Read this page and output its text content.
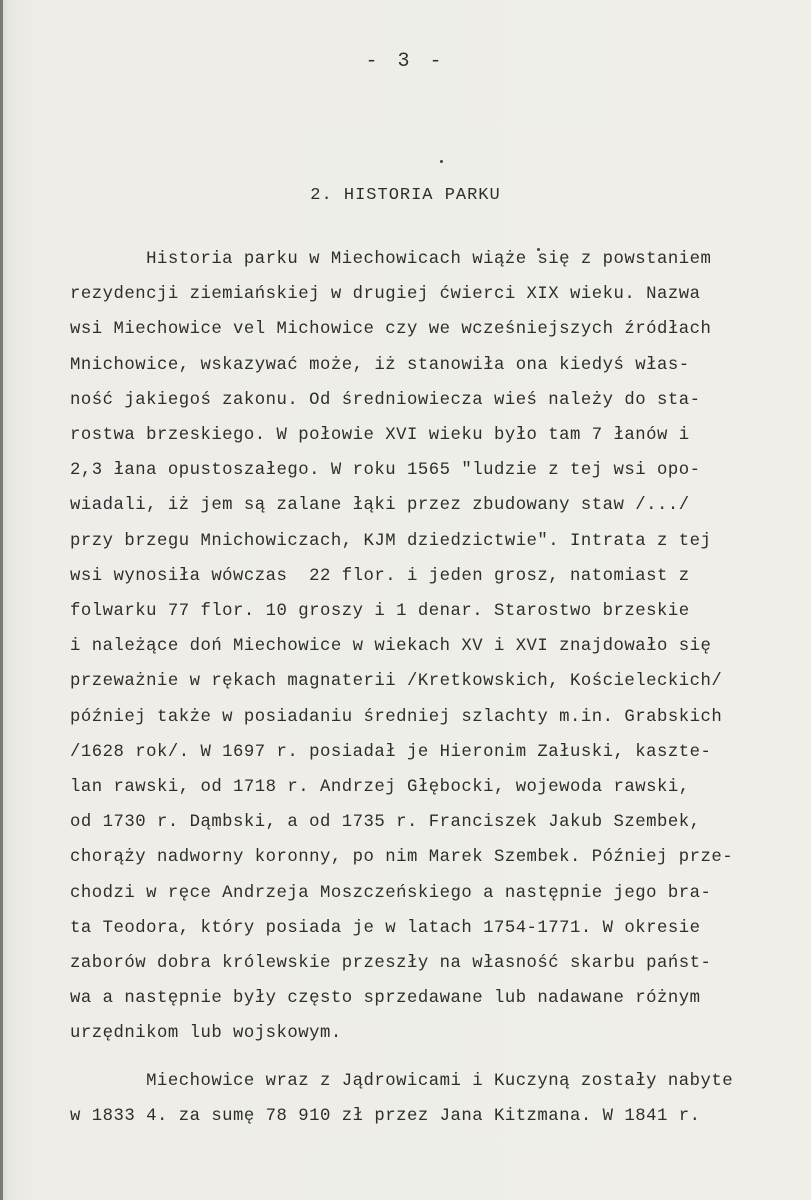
- 3 -
2. HISTORIA PARKU
Historia parku w Miechowicach wiąże się z powstaniem
rezydencji ziemiańskiej w drugiej ćwierci XIX wieku. Nazwa
wsi Miechowice vel Michowice czy we wcześniejszych źródłach
Mnichowice, wskazywać może, iż stanowiła ona kiedyś włas-
ność jakiegoś zakonu. Od średniowiecza wieś należy do sta-
rostwa brzeskiego. W połowie XVI wieku było tam 7 łanów i
2,3 łana opustoszałego. W roku 1565 "ludzie z tej wsi opo-
wiadali, iż jem są zalane łąki przez zbudowany staw /.../
przy brzegu Mnichowiczach, KJM dziedzictwie". Intrata z tej
wsi wynosiła wówczas  22 flor. i jeden grosz, natomiast z
folwarku 77 flor. 10 groszy i 1 denar. Starostwo brzeskie
i należące doń Miechowice w wiekach XV i XVI znajdowało się
przeważnie w rękach magnaterii /Kretkowskich, Kościeleckich/
później także w posiadaniu średniej szlachty m.in. Grabskich
/1628 rok/. W 1697 r. posiadał je Hieronim Załuski, kaszte-
lan rawski, od 1718 r. Andrzej Głębocki, wojewoda rawski,
od 1730 r. Dąmbski, a od 1735 r. Franciszek Jakub Szembek,
chorąży nadworny koronny, po nim Marek Szembek. Później prze-
chodzi w ręce Andrzeja Moszczeńskiego a następnie jego bra-
ta Teodora, który posiada je w latach 1754-1771. W okresie
zaborów dobra królewskie przeszły na własność skarbu państ-
wa a następnie były często sprzedawane lub nadawane różnym
urzędnikom lub wojskowym.
Miechowice wraz z Jądrowicami i Kuczyną zostały nabyte
w 1833 4. za sumę 78 910 zł przez Jana Kitzmana. W 1841 r.
